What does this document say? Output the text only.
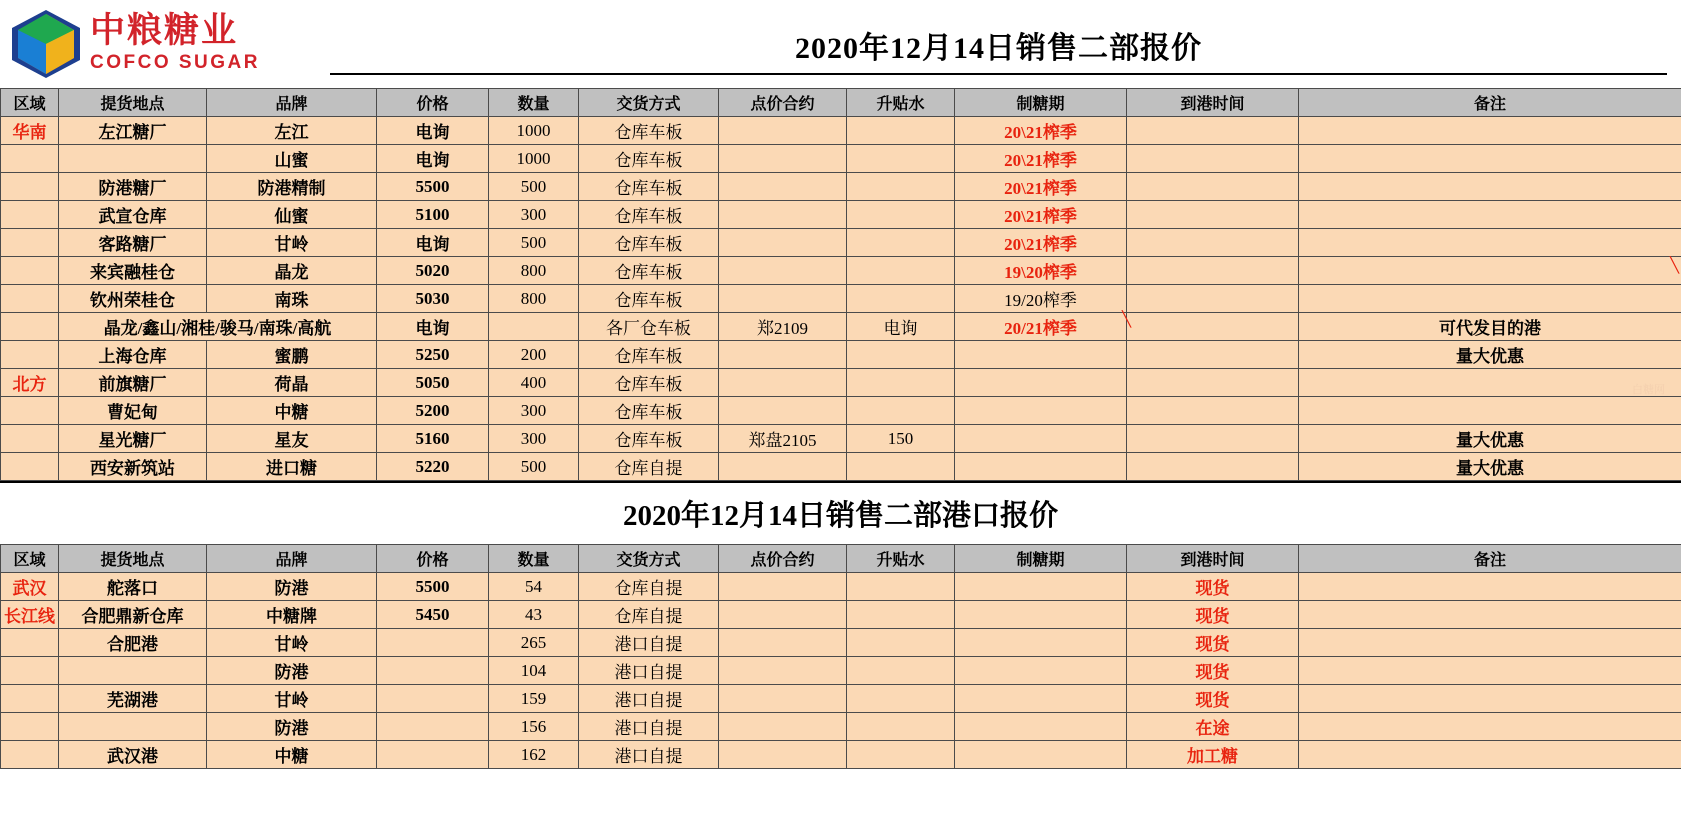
中粮糖业
COFCO SUGAR	2020年12月14日销售二部报价
区域	提货地点	品牌	价格	数量	交货方式	点价合约	升贴水	制糖期	到港时间	备注
华南	左江糖厂	左江	电询	1000	仓库车板			20\21榨季		
		山蜜	电询	1000	仓库车板			20\21榨季		
	防港糖厂	防港精制	5500	500	仓库车板			20\21榨季		
	武宣仓库	仙蜜	5100	300	仓库车板			20\21榨季		
	客路糖厂	甘岭	电询	500	仓库车板			20\21榨季		
	来宾融桂仓	晶龙	5020	800	仓库车板			19\20榨季		
	钦州荣桂仓	南珠	5030	800	仓库车板			19/20榨季		
	晶龙/鑫山/湘桂/骏马/南珠/高航		电询		各厂仓车板	郑2109	电询	20/21榨季		可代发目的港
	上海仓库	蜜鹏	5250	200	仓库车板					量大优惠
北方	前旗糖厂	荷晶	5050	400	仓库车板					
	曹妃甸	中糖	5200	300	仓库车板					
	星光糖厂	星友	5160	300	仓库车板	郑盘2105	150			量大优惠
	西安新筑站	进口糖	5220	500	仓库自提					量大优惠
2020年12月14日销售二部港口报价
区域	提货地点	品牌	价格	数量	交货方式	点价合约	升贴水	制糖期	到港时间	备注
武汉	舵落口	防港	5500	54	仓库自提				现货	
长江线	合肥鼎新仓库	中糖牌	5450	43	仓库自提				现货	
	合肥港	甘岭		265	港口自提				现货	
		防港		104	港口自提				现货	
	芜湖港	甘岭		159	港口自提				现货	
		防港		156	港口自提				在途	
	武汉港	中糖		162	港口自提				加工糖	
白糖网
╲
╲
